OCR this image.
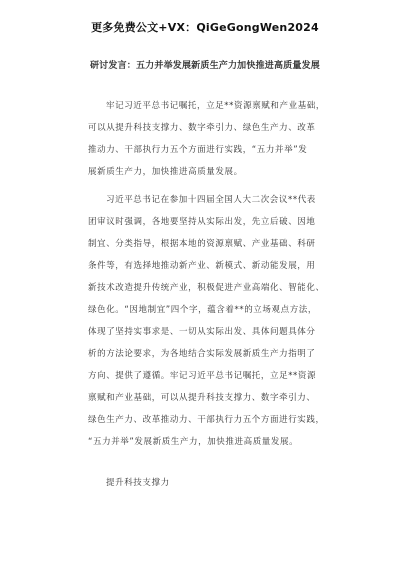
更多免费公文+VX：QiGeGongWen2024
研讨发言：五力并举发展新质生产力加快推进高质量发展
牢记习近平总书记嘱托，立足**资源禀赋和产业基础，
可以从提升科技支撑力、数字牵引力、绿色生产力、改革
推动力、干部执行力五个方面进行实践，“五力并举”发
展新质生产力，加快推进高质量发展。
习近平总书记在参加十四届全国人大二次会议**代表
团审议时强调，各地要坚持从实际出发，先立后破、因地
制宜、分类指导，根据本地的资源禀赋、产业基础、科研
条件等，有选择地推动新产业、新模式、新动能发展，用
新技术改造提升传统产业，积极促进产业高端化、智能化、
绿色化。“因地制宜”四个字，蕴含着**的立场观点方法，
体现了坚持实事求是、一切从实际出发、具体问题具体分
析的方法论要求，为各地结合实际发展新质生产力指明了
方向、提供了遵循。牢记习近平总书记嘱托，立足**资源
禀赋和产业基础，可以从提升科技支撑力、数字牵引力、
绿色生产力、改革推动力、干部执行力五个方面进行实践，
“五力并举”发展新质生产力，加快推进高质量发展。
提升科技支撑力
